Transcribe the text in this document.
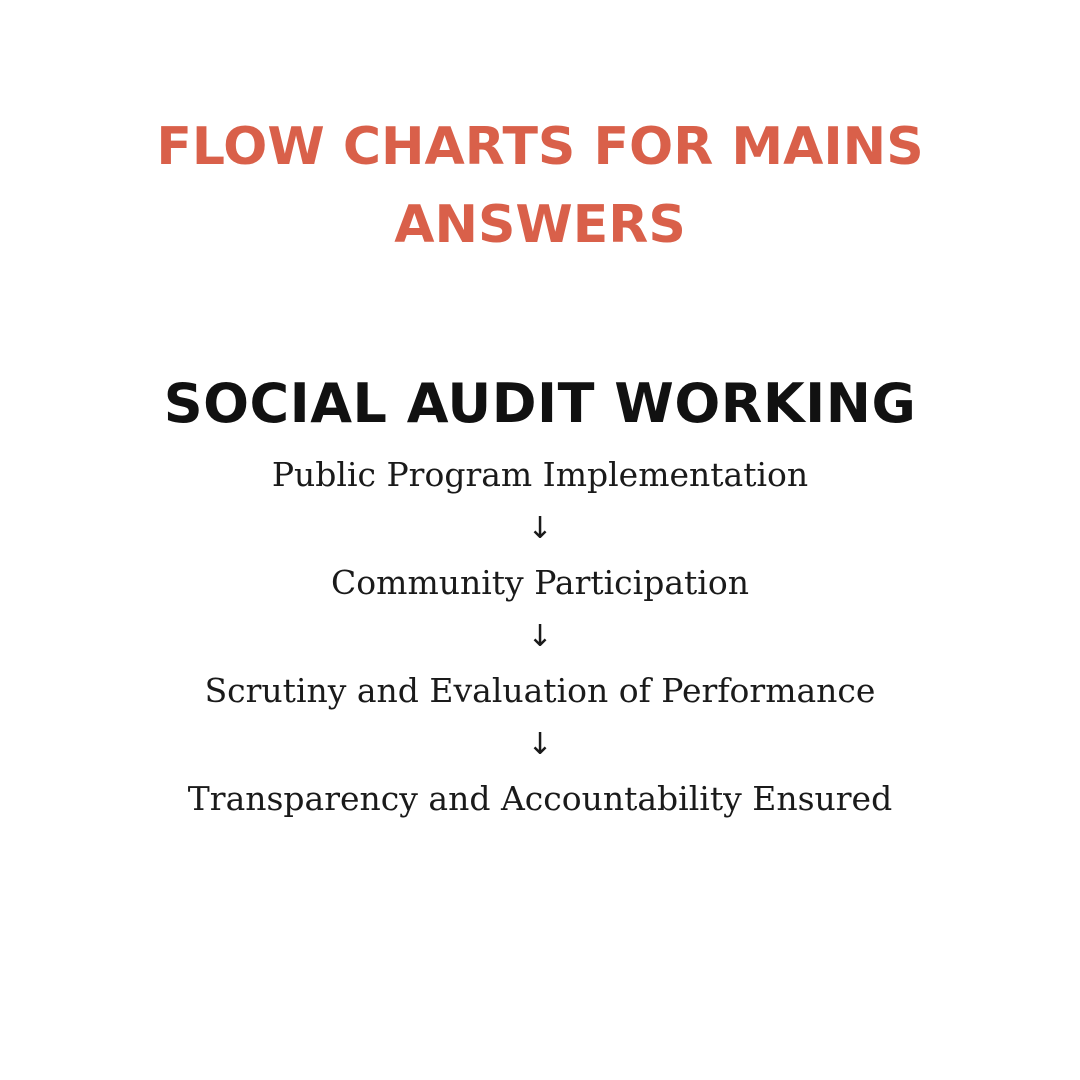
FLOW CHARTS FOR MAINS
ANSWERS
SOCIAL AUDIT WORKING
Public Program Implementation
↓
Community Participation
↓
Scrutiny and Evaluation of Performance
↓
Transparency and Accountability Ensured
